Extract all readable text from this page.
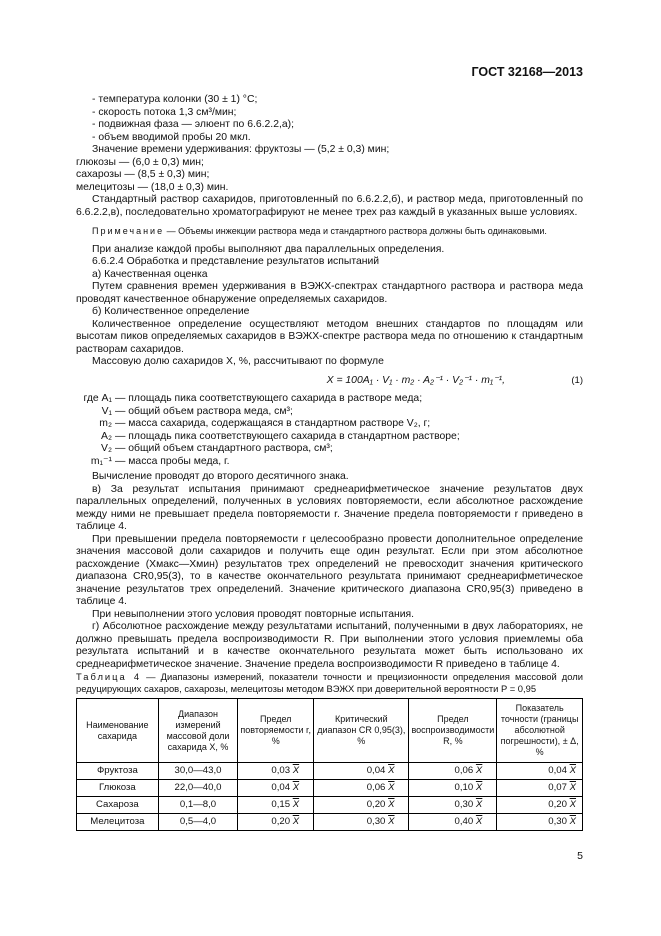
ГОСТ 32168—2013

- температура колонки (30 ± 1) °С;

- скорость потока 1,3 см³/мин;

- подвижная фаза — элюент по 6.6.2.2,а);

- объем вводимой пробы 20 мкл.

Значение времени удерживания: фруктозы — (5,2 ± 0,3) мин;

глюкозы — (6,0 ± 0,3) мин;

сахарозы — (8,5 ± 0,3) мин;

мелецитозы — (18,0 ± 0,3) мин.

Стандартный раствор сахаридов, приготовленный по 6.6.2.2,б), и раствор меда, приготовленный по 6.6.2.2,в), последовательно хроматографируют не менее трех раз каждый в указанных выше условиях.

Примечание — Объемы инжекции раствора меда и стандартного раствора должны быть одинаковыми.

При анализе каждой пробы выполняют два параллельных определения.

6.6.2.4 Обработка и представление результатов испытаний

а) Качественная оценка

Путем сравнения времен удерживания в ВЭЖХ-спектрах стандартного раствора и раствора меда проводят качественное обнаружение определяемых сахаридов.

б) Количественное определение

Количественное определение осуществляют методом внешних стандартов по площадям или высотам пиков определяемых сахаридов в ВЭЖХ-спектре раствора меда по отношению к стандартным растворам сахаридов.

Массовую долю сахаридов X, %, рассчитывают по формуле

X = 100A₁ · V₁ · m₂ · A₂⁻¹ · V₂⁻¹ · m₁⁻¹,	(1)
где A₁	— площадь пика соответствующего сахарида в растворе меда;
V₁	— общий объем раствора меда, см³;
m₂	— масса сахарида, содержащаяся в стандартном растворе V₂, г;
A₂	— площадь пика соответствующего сахарида в стандартном растворе;
V₂	— общий объем стандартного раствора, см³;
m₁⁻¹	— масса пробы меда, г.

Вычисление проводят до второго десятичного знака.

в) За результат испытания принимают среднеарифметическое значение результатов двух параллельных определений, полученных в условиях повторяемости, если абсолютное расхождение между ними не превышает предела повторяемости r. Значение предела повторяемости r приведено в таблице 4.

При превышении предела повторяемости r целесообразно провести дополнительное определение значения массовой доли сахаридов и получить еще один результат. Если при этом абсолютное расхождение (Xмакс—Xмин) результатов трех определений не превосходит значения критического диапазона CR0,95(3), то в качестве окончательного результата принимают среднеарифметическое значение результатов трех определений. Значение критического диапазона CR0,95(3) приведено в таблице 4.

При невыполнении этого условия проводят повторные испытания.

г) Абсолютное расхождение между результатами испытаний, полученными в двух лабораториях, не должно превышать предела воспроизводимости R. При выполнении этого условия приемлемы оба результата испытаний и в качестве окончательного результата может быть использовано их среднеарифметическое значение. Значение предела воспроизводимости R приведено в таблице 4.

Таблица 4 — Диапазоны измерений, показатели точности и прецизионности определения массовой доли редуцирующих сахаров, сахарозы, мелецитозы методом ВЭЖХ при доверительной вероятности P = 0,95

Наименование сахарида	Диапазон измерений массовой доли сахарида X, %	Предел повторяемости r, %	Критический диапазон CR 0,95(3), %	Предел воспроизводимости R, %	Показатель точности (границы абсолютной погрешности), ± Δ, %
Фруктоза	30,0—43,0	0,03 $\overline{X}$	0,04 $\overline{X}$	0,06 $\overline{X}$	0,04 $\overline{X}$
Глюкоза	22,0—40,0	0,04 $\overline{X}$	0,06 $\overline{X}$	0,10 $\overline{X}$	0,07 $\overline{X}$
Сахароза	0,1—8,0	0,15 $\overline{X}$	0,20 $\overline{X}$	0,30 $\overline{X}$	0,20 $\overline{X}$
Мелецитоза	0,5—4,0	0,20 $\overline{X}$	0,30 $\overline{X}$	0,40 $\overline{X}$	0,30 $\overline{X}$
5
